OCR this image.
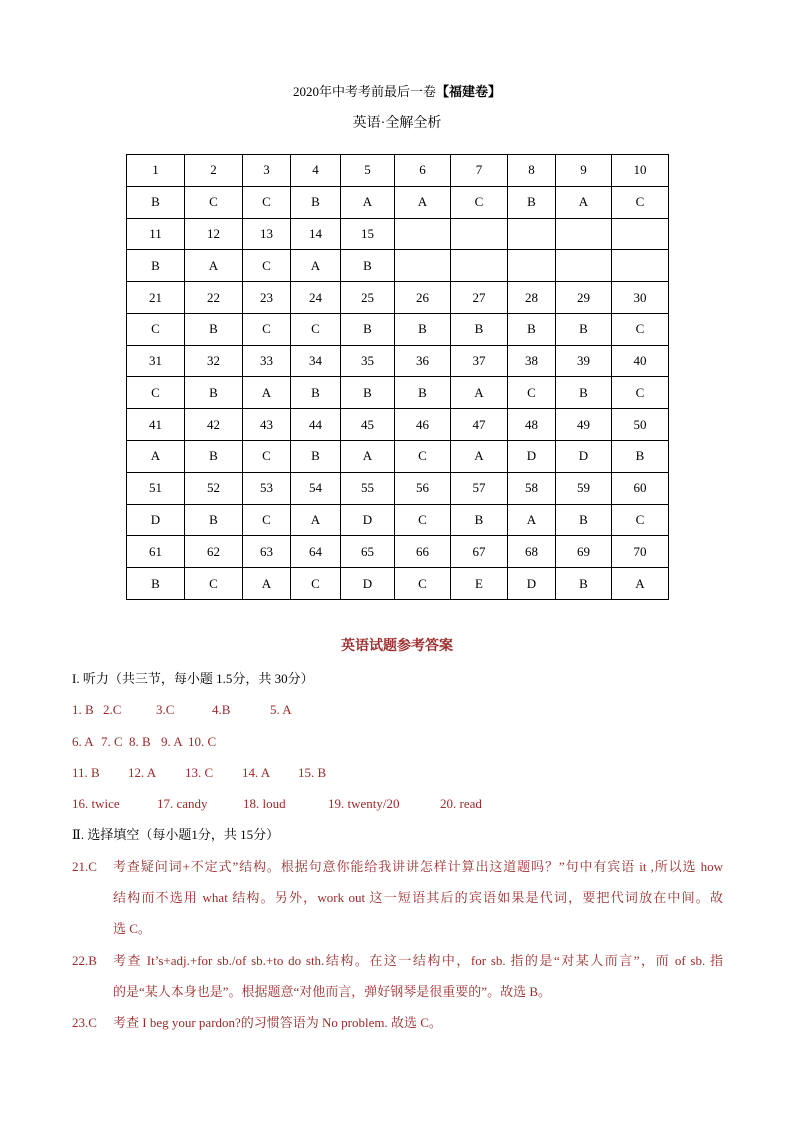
2020年中考考前最后一卷【福建卷】
英语·全解全析
1	2	3	4	5	6	7	8	9	10
B	C	C	B	A	A	C	B	A	C
11	12	13	14	15					
B	A	C	A	B					
21	22	23	24	25	26	27	28	29	30
C	B	C	C	B	B	B	B	B	C
31	32	33	34	35	36	37	38	39	40
C	B	A	B	B	B	A	C	B	C
41	42	43	44	45	46	47	48	49	50
A	B	C	B	A	C	A	D	D	B
51	52	53	54	55	56	57	58	59	60
D	B	C	A	D	C	B	A	B	C
61	62	63	64	65	66	67	68	69	70
B	C	A	C	D	C	E	D	B	A
英语试题参考答案
I. 听力（共三节，每小题 1.5分，共 30分）
1. B 2.C	3.C	4.B	5. A
6. A 7. C 8. B 9. A 10. C
11. B 12. A 13. C 14. A 15. B
16. twice	17. candy	18. loud	19. twenty/20	20. read
Ⅱ. 选择填空（每小题1分，共 15分）
21.C	考查疑问词+不定式”结构。根据句意你能给我讲讲怎样计算出这道题吗？”句中有宾语 it ,所以选 how
结构而不选用 what 结构。另外，work out 这一短语其后的宾语如果是代词，要把代词放在中间。故
选 C。
22.B	考查 It’s+adj.+for sb./of sb.+to do sth.结构。在这一结构中，for sb. 指的是“对某人而言”，而 of sb. 指
的是“某人本身也是”。根据题意“对他而言，弹好钢琴是很重要的”。故选 B。
23.C	考查 I beg your pardon?的习惯答语为 No problem. 故选 C。
